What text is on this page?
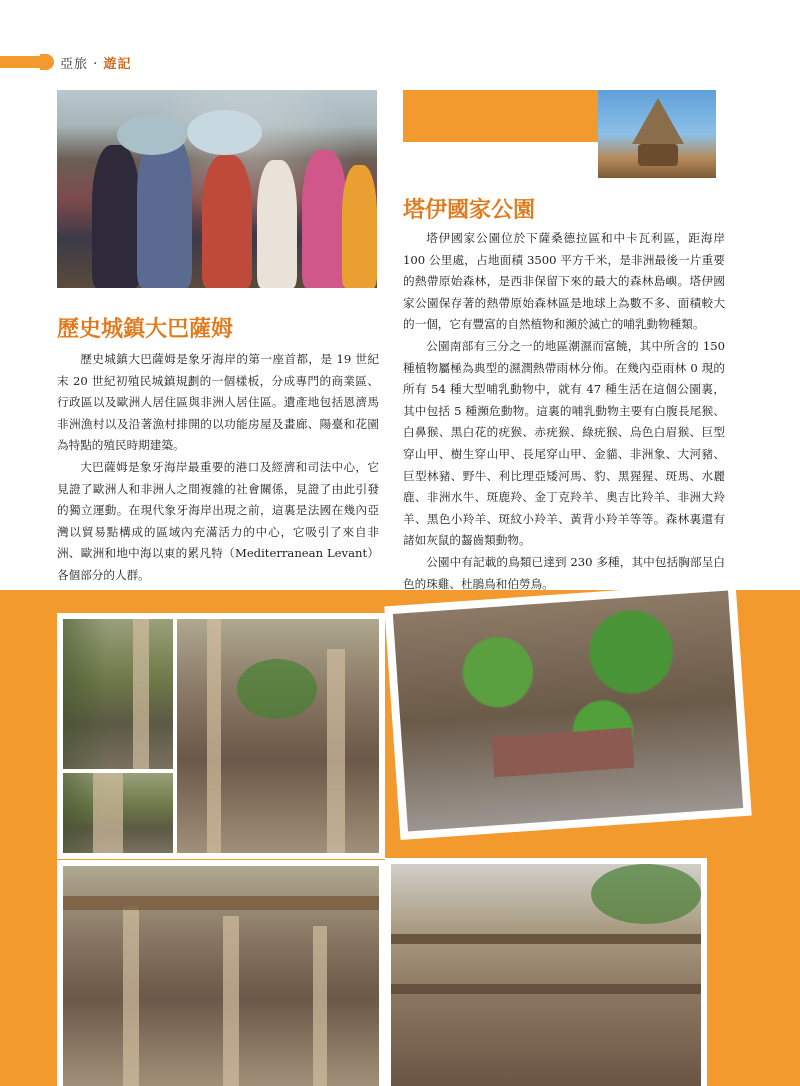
亞旅 · 遊記
歷史城鎮大巴薩姆

歷史城鎮大巴薩姆是象牙海岸的第一座首都，是 19 世紀末 20 世紀初殖民城鎮規劃的一個樣板，分成專門的商業區、行政區以及歐洲人居住區與非洲人居住區。遺產地包括恩濟馬非洲漁村以及沿著漁村排開的以功能房屋及畫廊、陽臺和花園為特點的殖民時期建築。

大巴薩姆是象牙海岸最重要的港口及經濟和司法中心，它見證了歐洲人和非洲人之間複雜的社會關係，見證了由此引發的獨立運動。在現代象牙海岸出現之前，這裏是法國在幾內亞灣以貿易點構成的區域內充滿活力的中心，它吸引了來自非洲、歐洲和地中海以東的累凡特（Mediterranean Levant）各個部分的人群。

塔伊國家公園

塔伊國家公園位於下薩桑德拉區和中卡瓦利區，距海岸 100 公里處，占地面積 3500 平方千米，是非洲最後一片重要的熱帶原始森林，是西非保留下來的最大的森林島嶼。塔伊國家公園保存著的熱帶原始森林區是地球上為數不多、面積較大的一個，它有豐富的自然植物和瀕於滅亡的哺乳動物種類。

公園南部有三分之一的地區潮濕而富饒，其中所含的 150 種植物屬極為典型的濕潤熱帶雨林分佈。在幾內亞雨林 0 現的所有 54 種大型哺乳動物中，就有 47 種生活在這個公園裏，其中包括 5 種瀕危動物。這裏的哺乳動物主要有白腹長尾猴、白鼻猴、黑白花的疣猴、赤疣猴、綠疣猴、烏色白眉猴、巨型穿山甲、樹生穿山甲、長尾穿山甲、金貓、非洲象、大河豬、巨型林豬、野牛、利比理亞矮河馬、豹、黑猩猩、斑馬、水麗鹿、非洲水牛、斑鹿羚、金丁克羚羊、奧吉比羚羊、非洲大羚羊、黑色小羚羊、斑紋小羚羊、黃背小羚羊等等。森林裏還有諸如灰鼠的齧齒類動物。

公園中有記載的鳥類已達到 230 多種，其中包括胸部呈白色的珠雞、杜鵑鳥和伯勞鳥。
